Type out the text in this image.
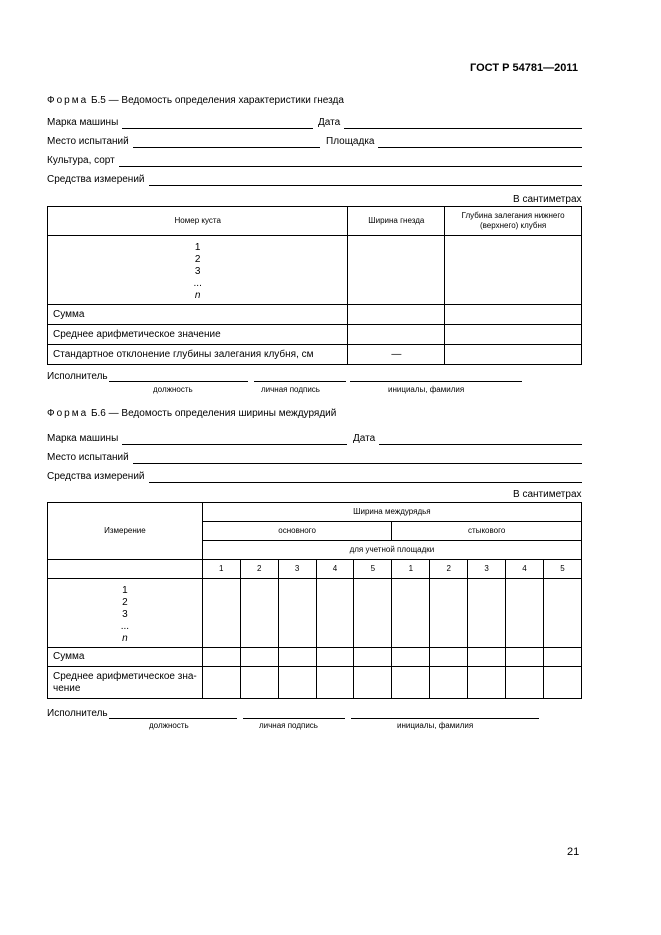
ГОСТ Р 54781—2011
Форма Б.5 — Ведомость определения характеристики гнезда
Марка машины	Дата
Место испытаний	Площадка
Культура, сорт
Средства измерений
В сантиметрах
Номер куста	Ширина гнезда	Глубина залегания нижнего (верхнего) клубня

1
2
3
...
n		

Сумма		
Среднее арифметическое значение		
Стандартное отклонение глубины залегания клубня, см	—	
Исполнитель
должность	личная подпись	инициалы, фамилия
Форма Б.6 — Ведомость определения ширины междурядий
Марка машины	Дата
Место испытаний
Средства измерений
В сантиметрах
Измерение	Ширина междурядья									
	основного					стыкового				
	для учетной площадки									
	1	2	3	4	5	1	2	3	4	5

1
2
3
...
n										

Сумма										
Среднее арифметическое зна-чение										
Исполнитель
должность	личная подпись	инициалы, фамилия
21
